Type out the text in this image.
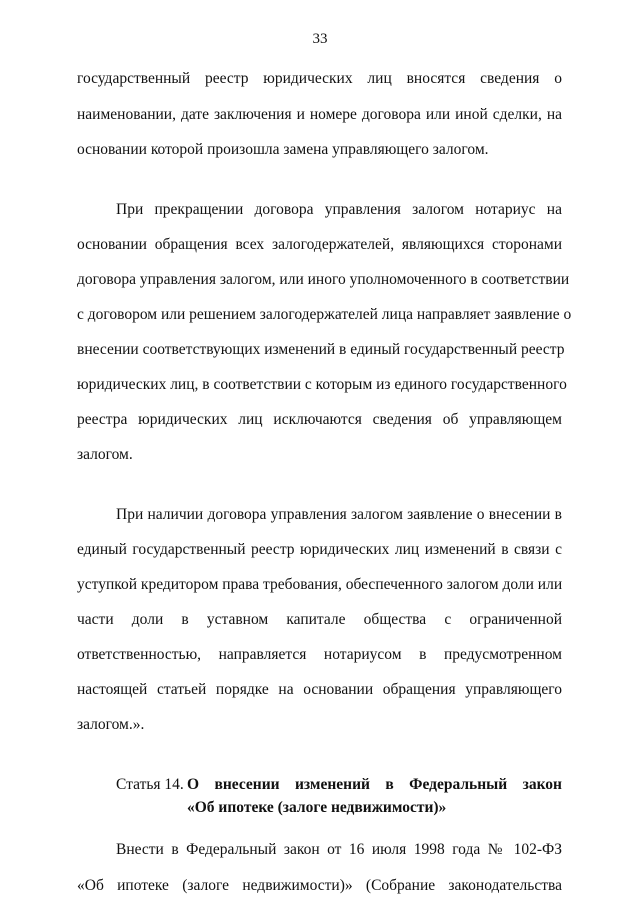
33
государственный реестр юридических лиц вносятся сведения о
наименовании, дате заключения и номере договора или иной сделки, на
основании которой произошла замена управляющего залогом.
При прекращении договора управления залогом нотариус на
основании обращения всех залогодержателей, являющихся сторонами
договора управления залогом, или иного уполномоченного в соответствии
с договором или решением залогодержателей лица направляет заявление о
внесении соответствующих изменений в единый государственный реестр
юридических лиц, в соответствии с которым из единого государственного
реестра юридических лиц исключаются сведения об управляющем
залогом.
При наличии договора управления залогом заявление о внесении в
единый государственный реестр юридических лиц изменений в связи с
уступкой кредитором права требования, обеспеченного залогом доли или
части доли в уставном капитале общества с ограниченной
ответственностью, направляется нотариусом в предусмотренном
настоящей статьей порядке на основании обращения управляющего
залогом.».
Статья 14. О внесении изменений в Федеральный закон
«Об ипотеке (залоге недвижимости)»
Внести в Федеральный закон от 16 июля 1998 года № 102-ФЗ
«Об ипотеке (залоге недвижимости)» (Собрание законодательства
